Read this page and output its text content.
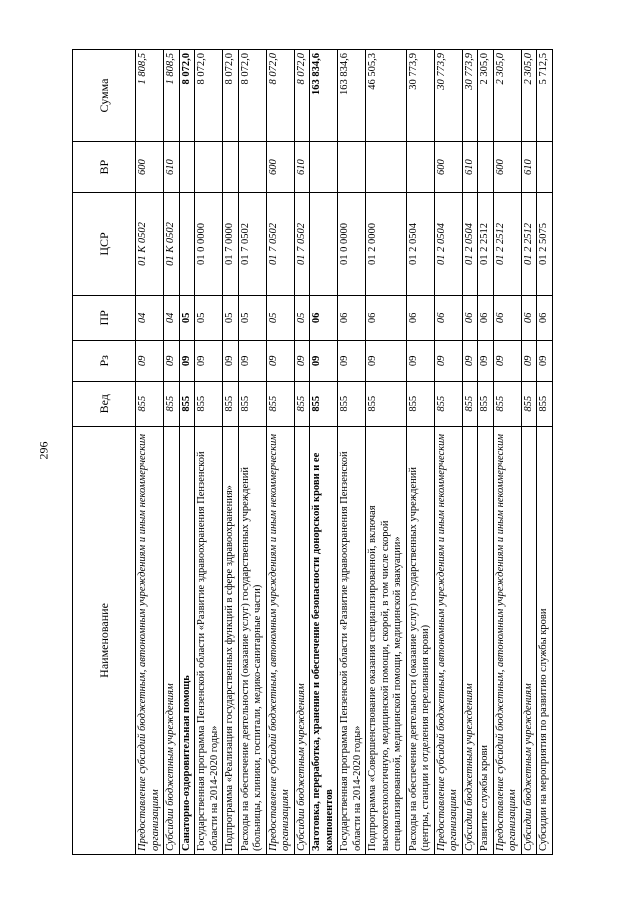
296
Наименование	Вед	Рз	ПР	ЦСР	ВР	Сумма
Предоставление субсидий бюджетным, автономным учреждениям и иным некоммерческим организациям	855	09	04	01 К 0502	600	1 808,5
Субсидии бюджетным учреждениям	855	09	04	01 К 0502	610	1 808,5
Санаторно-оздоровительная помощь	855	09	05			8 072,0
Государственная программа Пензенской области «Развитие здравоохранения Пензенской области на 2014-2020 годы»	855	09	05	01 0 0000		8 072,0
Подпрограмма «Реализация государственных функций в сфере здравоохранения»	855	09	05	01 7 0000		8 072,0
Расходы на обеспечение деятельности (оказание услуг) государственных учреждений (больницы, клиники, госпитали, медико-санитарные части)	855	09	05	01 7 0502		8 072,0
Предоставление субсидий бюджетным, автономным учреждениям и иным некоммерческим организациям	855	09	05	01 7 0502	600	8 072,0
Субсидии бюджетным учреждениям	855	09	05	01 7 0502	610	8 072,0
Заготовка, переработка, хранение и обеспечение безопасности донорской крови и ее компонентов	855	09	06			163 834,6
Государственная программа Пензенской области «Развитие здравоохранения Пензенской области на 2014-2020 годы»	855	09	06	01 0 0000		163 834,6
Подпрограмма «Совершенствование оказания специализированной, включая высокотехнологичную, медицинской помощи, скорой, в том числе скорой специализированной, медицинской помощи, медицинской эвакуации»	855	09	06	01 2 0000		46 505,3
Расходы на обеспечение деятельности (оказание услуг) государственных учреждений (центры, станции и отделения переливания крови)	855	09	06	01 2 0504		30 773,9
Предоставление субсидий бюджетным, автономным учреждениям и иным некоммерческим организациям	855	09	06	01 2 0504	600	30 773,9
Субсидии бюджетным учреждениям	855	09	06	01 2 0504	610	30 773,9
Развитие службы крови	855	09	06	01 2 2512		2 305,0
Предоставление субсидий бюджетным, автономным учреждениям и иным некоммерческим организациям	855	09	06	01 2 2512	600	2 305,0
Субсидии бюджетным учреждениям	855	09	06	01 2 2512	610	2 305,0
Субсидии на мероприятия по развитию службы крови	855	09	06	01 2 5075		5 712,5
